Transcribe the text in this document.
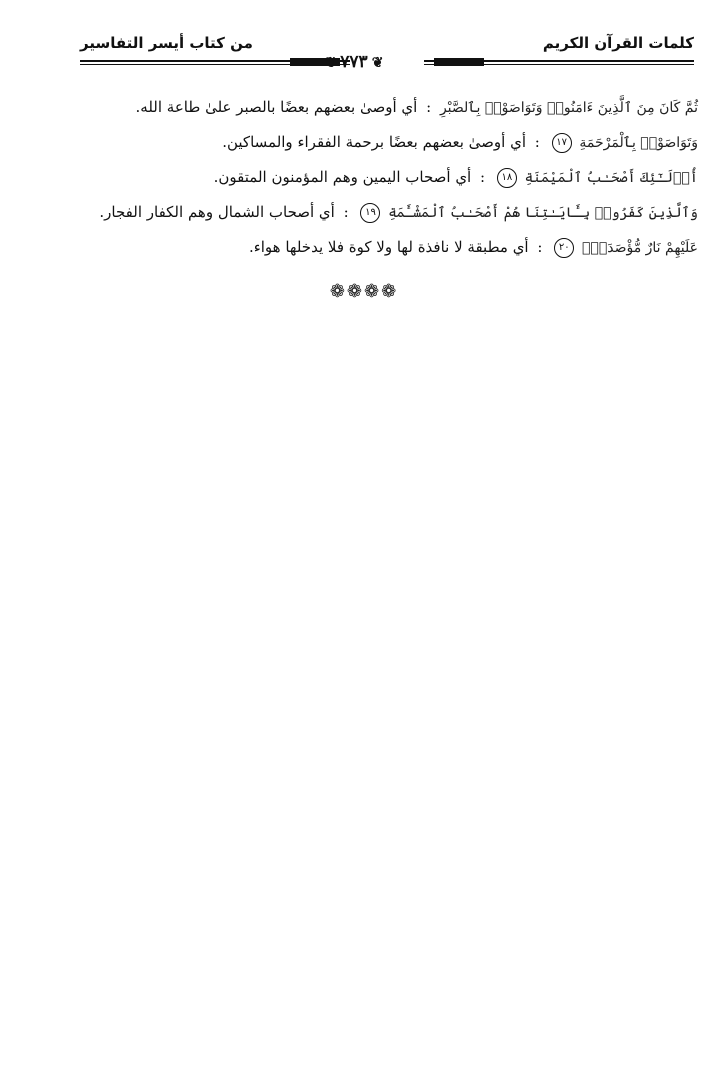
كلمات القرآن الكريم
من كتاب أيسر التفاسير
❦٧٧٣❦
ثُمَّ كَانَ مِنَ ٱلَّذِينَ ءَامَنُوا۟ وَتَوَاصَوْا۟ بِٱلصَّبْرِ : أي أوصىٰ بعضهم بعضًا بالصبر علىٰ طاعة الله.
وَتَوَاصَوْا۟ بِٱلْمَرْحَمَةِ ١٧ : أي أوصىٰ بعضهم بعضًا برحمة الفقراء والمساكين.
أُو۟لَـٰٓئِكَ أَصْحَـٰبُ ٱلْمَيْمَنَةِ ١٨ : أي أصحاب اليمين وهم المؤمنون المتقون.
وَٱلَّذِينَ كَفَرُوا۟ بِـَٔايَـٰتِنَا هُمْ أَصْحَـٰبُ ٱلْمَشْـَٔمَةِ ١٩ : أي أصحاب الشمال وهم الكفار الفجار.
عَلَيْهِمْ نَارٌ مُّؤْصَدَةٌۢ ٢٠ : أي مطبقة لا نافذة لها ولا كوة فلا يدخلها هواء.
❁❁❁❁
